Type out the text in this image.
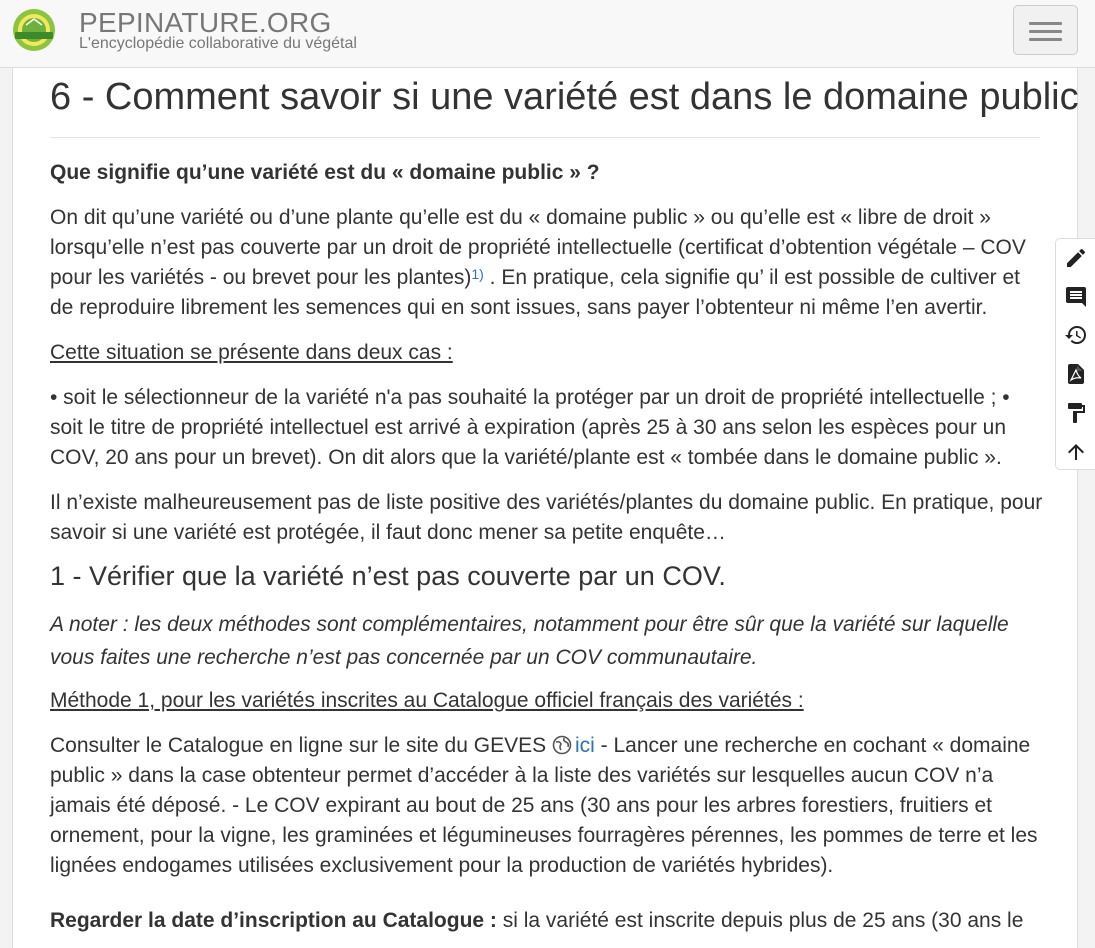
PEPINATURE.ORG
L'encyclopédie collaborative du végétal
6 - Comment savoir si une variété est dans le domaine public

Que signifie qu’une variété est du « domaine public » ?

On dit qu’une variété ou d’une plante qu’elle est du « domaine public » ou qu’elle est « libre de droit » lorsqu’elle n’est pas couverte par un droit de propriété intellectuelle (certificat d’obtention végétale – COV pour les variétés - ou brevet pour les plantes)$^{1)}$ . En pratique, cela signifie qu’ il est possible de cultiver et de reproduire librement les semences qui en sont issues, sans payer l’obtenteur ni même l’en avertir.

Cette situation se présente dans deux cas :

• soit le sélectionneur de la variété n'a pas souhaité la protéger par un droit de propriété intellectuelle ; • soit le titre de propriété intellectuel est arrivé à expiration (après 25 à 30 ans selon les espèces pour un COV, 20 ans pour un brevet). On dit alors que la variété/plante est « tombée dans le domaine public ».

Il n’existe malheureusement pas de liste positive des variétés/plantes du domaine public. En pratique, pour savoir si une variété est protégée, il faut donc mener sa petite enquête…

1 - Vérifier que la variété n’est pas couverte par un COV.

A noter : les deux méthodes sont complémentaires, notamment pour être sûr que la variété sur laquelle vous faites une recherche n’est pas concernée par un COV communautaire.

Méthode 1, pour les variétés inscrites au Catalogue officiel français des variétés :

Consulter le Catalogue en ligne sur le site du GEVES ici - Lancer une recherche en cochant « domaine public » dans la case obtenteur permet d’accéder à la liste des variétés sur lesquelles aucun COV n’a jamais été déposé. - Le COV expirant au bout de 25 ans (30 ans pour les arbres forestiers, fruitiers et ornement, pour la vigne, les graminées et légumineuses fourragères pérennes, les pommes de terre et les lignées endogames utilisées exclusivement pour la production de variétés hybrides).

Regarder la date d’inscription au Catalogue : si la variété est inscrite depuis plus de 25 ans (30 ans le
